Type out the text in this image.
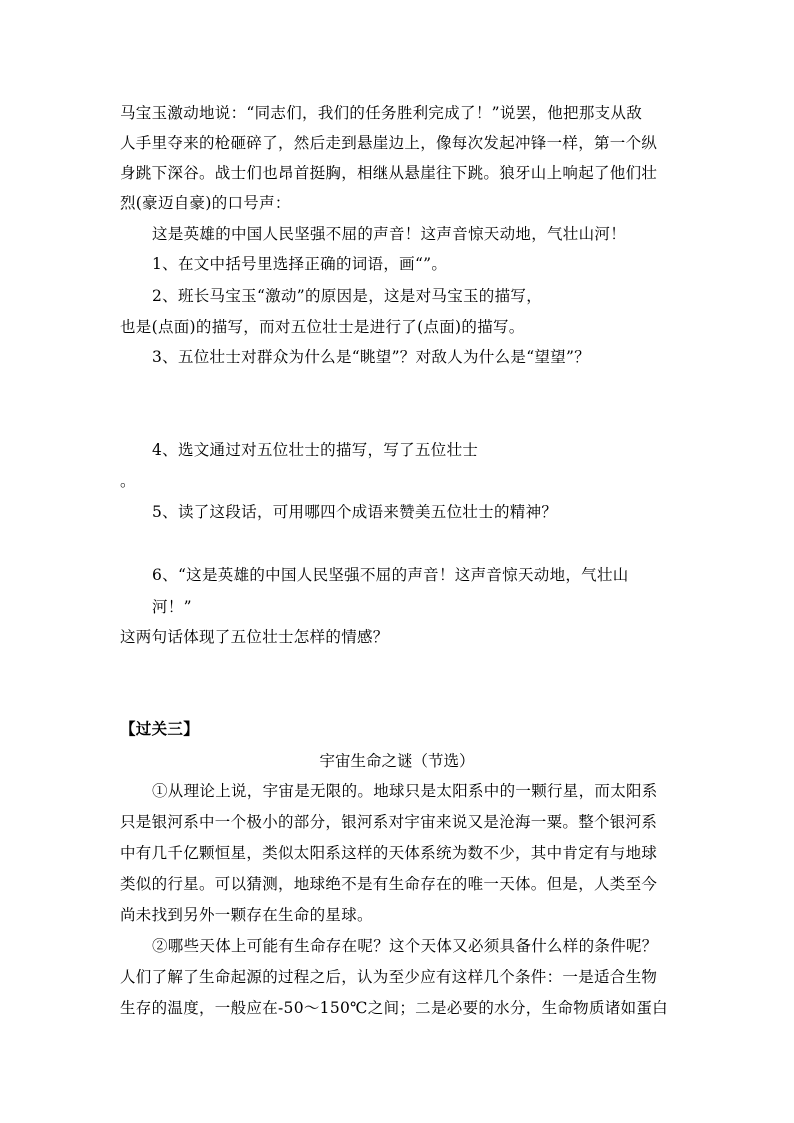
马宝玉激动地说：“同志们，我们的任务胜利完成了！”说罢，他把那支从敌
人手里夺来的枪砸碎了，然后走到悬崖边上，像每次发起冲锋一样，第一个纵
身跳下深谷。战士们也昂首挺胸，相继从悬崖往下跳。狼牙山上响起了他们壮
烈(豪迈自豪)的口号声：
这是英雄的中国人民坚强不屈的声音！这声音惊天动地，气壮山河！
1、在文中括号里选择正确的词语，画“”。
2、班长马宝玉“激动”的原因是，这是对马宝玉的描写，
也是(点面)的描写，而对五位壮士是进行了(点面)的描写。
3、五位壮士对群众为什么是“眺望”？对敌人为什么是“望望”？
4、选文通过对五位壮士的描写，写了五位壮士
。
5、读了这段话，可用哪四个成语来赞美五位壮士的精神？
6、“这是英雄的中国人民坚强不屈的声音！这声音惊天动地，气壮山
河！”
这两句话体现了五位壮士怎样的情感？
【过关三】
宇宙生命之谜（节选）
①从理论上说，宇宙是无限的。地球只是太阳系中的一颗行星，而太阳系
只是银河系中一个极小的部分，银河系对宇宙来说又是沧海一粟。整个银河系
中有几千亿颗恒星，类似太阳系这样的天体系统为数不少，其中肯定有与地球
类似的行星。可以猜测，地球绝不是有生命存在的唯一天体。但是，人类至今
尚未找到另外一颗存在生命的星球。
②哪些天体上可能有生命存在呢？这个天体又必须具备什么样的条件呢？
人们了解了生命起源的过程之后，认为至少应有这样几个条件：一是适合生物
生存的温度，一般应在-50～150℃之间；二是必要的水分，生命物质诸如蛋白
